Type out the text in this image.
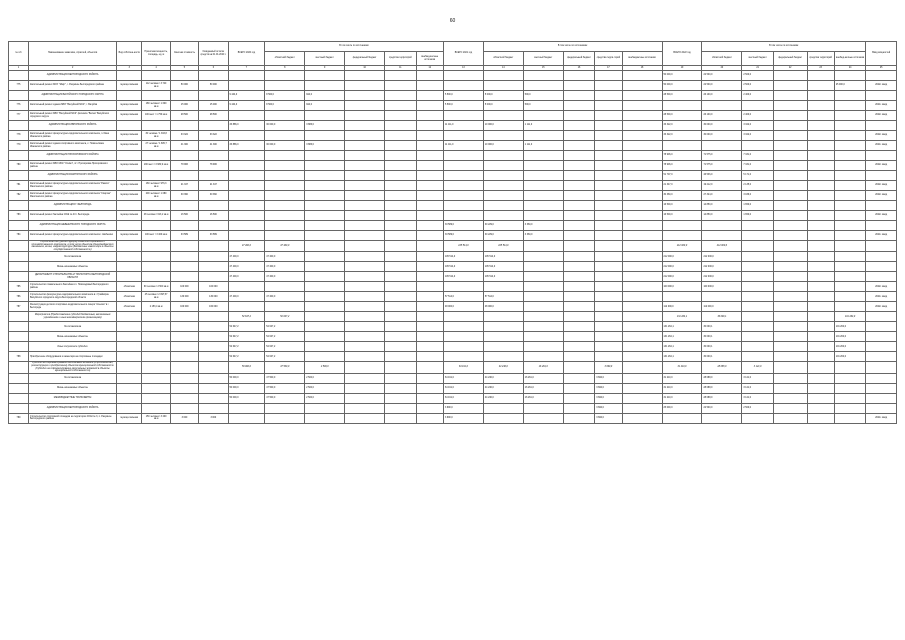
60
№ п/п	Наименование заказчика, отраслей, объектов	Вид собствен-ности	Проектная мощность, площадь, ед. м	Сметная стоимость	Ожидаемый остаток средств на 01.01.2020 г.	ВСЕГО 2020 год	В том числе по источникам:					ВСЕГО 2021 год	В том числе по источникам:					ВСЕГО 2022 год	В том числе по источникам:					Ввод мощностей
							областной бюджет	местный бюджет	федеральный бюджет	средства территорий	внебюд-жетные источники		областной бюджет	местный бюджет	федеральный бюджет	средства терри-торий	внебюджетные источники		областной бюджет	местный бюджет	федеральный бюджет	средства территорий	внебюд-жетные источники	
1	2	3	4	5	6	7	8	9	10	11	12	13	14	15	16	17	18	19	20	21	22	23	24	25
	АДМИНИСТРАЦИЯ БЕЛГОРОДСКОГО РАЙОНА																	50 000,0	22 500,0	2 500,0				
775	Капитальный ремонт МОУ "Март", г. Разумное Белгородского района	муници-пальная	112 человек / 3 740 кв.м	50 000	50 000													50 000,0	22 500,0	2 500,0			25 000,0	2022г. ввод
	АДМИНИСТРАЦИЯ ВАЛУЙСКОГО ГОРОДСКОГО ОКРУГА					9 444,0	8 500,0	944,0				5 500,0	5 000,0	500,0				28 500,0	26 100,0	2 400,0				
776	Капитальный ремонт здания МБУ "Валуйский МСК", г. Валуйки	муници-пальная	180 человек / 1 600 кв.м	15 000	15 000	9 444,0	8 500,0	944,0				5 500,0	5 000,0	500,0										2021г. ввод
777	Капитальный ремонт МБУ "Валуйский МСК" филиала "Волна" Валуйского городского округа	муници-пальная	100 мест / 1 750 кв.м	28 500	28 500													28 500,0	26 100,0	2 400,0				2022г. ввод
	АДМИНИСТРАЦИЯ ИВНЯНСКОГО РАЙОНА					33 886,0	30 000,0	3 886,0				11 111,0	10 000,0	1 111,0				33 322,0	30 000,0	3 322,0				
778	Капитальный ремонт физкультурно-оздоровительного комплекса, п. Ивня Ивнянского района	муници-пальная	30 человек / 1 333,8 кв.м	33 322	33 322													33 322,0	30 000,0	3 322,0				2022г. ввод
779	Капитальный ремонт здания спортивного комплекса, с. Новоселовка Ивнянского района	муници-пальная	27 человек / 1 605,7 кв.м	41 300	41 300	33 886,0	30 000,0	3 886,0				11 111,0	10 000,0	1 111,0										2021г. ввод
	АДМИНИСТРАЦИЯ ПРОХОРОВСКОГО РАЙОНА																	78 906,0	71 575,0	7 331,0				
780	Капитальный ремонт МБУ МОК "Олимп", пгт. Прохоровка Прохоровского района	муници-пальная	200 мест / 3 684,9 кв.м	78 906	78 906													78 906,0	71 575,0	7 331,0				2022г. ввод
	АДМИНИСТРАЦИЯ РАКИТЯНСКОГО РАЙОНА																	51 707,0	46 536,0	5 171,0				
781	Капитальный ремонт физкультурно-оздоровительного комплекса "Ракита" Ракитянского района	муници-пальная	160 человек / 976,3 кв.м	21 347	21 347													21 347,0	19 212,0	2 135,0				2022г. ввод
782	Капитальный ремонт физкультурно-оздоровительного комплекса "Спартак" Ракитянского района	муници-пальная	200 человек / 1 080 кв.м	30 360	30 360													30 360,0	27 324,0	3 036,0				2022г. ввод
	АДМИНИСТРАЦИЯ Г. БЕЛГОРОДА																	16 500,0	14 850,0	1 650,0				
783	Капитальный ремонт бассейна СОШ № 43 г. Белгорода	муници-пальная	48 человек / 613,2 кв.м	16 500	16 500													16 500,0	14 850,0	1 650,0				2022г. ввод
	АДМИНИСТРАЦИЯ ШЕБЕКИНСКОГО ГОРОДСКОГО ОКРУГА											33 589,0	30 229,0	3 360,0										
784	Капитальный ремонт физкультурно-оздоровительного комплекса г. Шебекино	муници-пальная	100 мест / 3 400 кв.м	33 589	33 589							33 589,0	30 229,0	3 360,0										2021г. ввод
	Строительство (реконструкция) объектов социального и производственного комплексов, в том числе объектов общегражданского назначения, жилья, инфраструктуры (Бюджетные инвестиции в объекты государственной собственности)					47 400,0	47 400,0					105 514,0	105 514,0					212 000,0	212 000,0					
	За госзаказчика					47 400,0	47 400,0					105 514,0	105 514,0					212 000,0	212 000,0					
	Вновь начинаемые объекты					47 400,0	47 400,0					105 514,0	105 514,0					212 000,0	212 000,0					
	ДЕПАРТАМЕНТ СТРОИТЕЛЬСТВА И ТРАНСПОРТА БЕЛГОРОДСКОЙ ОБЛАСТИ					47 400,0	47 400,0					105 514,0	105 514,0					212 000,0	212 000,0					
785	Строительство плавательного бассейна в п. Новосадовый Белгородского района	областная	60 человек / 2 500 кв.м	100 000	100 000													100 000,0	100 000,0					2022г. ввод
786	Строительство физкультурно-оздоровительного комплекса в г. Грайворон Валуйского городского округа Белгородской области	областная	45 человек / 2 097,57 кв.м	130 000	130 000	47 400,0	47 400,0					57 514,0	57 514,0											2021г. ввод
787	Реконструкция детского спортивно-оздоровительного лагеря "Алычка" в г. Белгороде	областная	2 153,4 кв.м	160 000	160 000							48 000,0	48 000,0					112 000,0	112 000,0					2022г. ввод
	Мероприятия (Предоставление субсидий бюджетным, автономным учреждениям и иным некоммерческим организациям)					52 647,2	52 647,2											131 264,1	30 000,1				101 264,0	
	За госзаказчика					52 647,2	52 647,2											131 264,1	30 000,1				101 264,0	
	Вновь начинаемые объекты					52 647,2	52 647,2											131 264,1	30 000,1				101 264,0	
	Иные получатели субсидии					52 647,2	52 647,2											131 264,1	30 000,1				101 264,0	
788	Приобретение оборудования и инвентаря на спортивные площадки					52 647,2	52 647,2											131 264,1	30 000,1				101 264,0	
	Субсидии на софинансирование капитальных вложений (строительство, реконструкция и приобретение) объектов муниципальной собственности (Субсидии на софинансирование капитальных вложений в объекты муниципальной собственности)					50 000,0	47 500,0	2 500,0				64 191,0	44 240,0	16 261,0		3 690,0		31 210,0	28 088,0	3 121,0				
	За госзаказчика					50 000,0	47 500,0	2 500,0				64 191,0	44 240,0	16 261,0		3 690,0		31 210,0	28 088,0	3 121,0				
	Вновь начинаемые объекты					50 000,0	47 500,0	2 500,0				64 191,0	44 240,0	16 261,0		3 690,0		31 210,0	28 088,0	3 121,0				
	МЕЖБЮДЖЕТНЫЕ ТРАНСФЕРТЫ					50 000,0	47 500,0	2 500,0				64 191,0	44 240,0	16 261,0		3 690,0		31 210,0	28 088,0	3 121,0				
	АДМИНИСТРАЦИЯ БЕЛГОРОДСКОГО РАЙОНА											3 690,0				3 690,0		25 000,0	22 500,0	2 500,0				
789	Строительство спортивной площадки на территории СОШ № 3, п. Разумное Белгородского района	муници-пальная	150 человек / 3 200 кв.м	3 000	3 000							3 690,0				3 690,0								2021г. ввод
